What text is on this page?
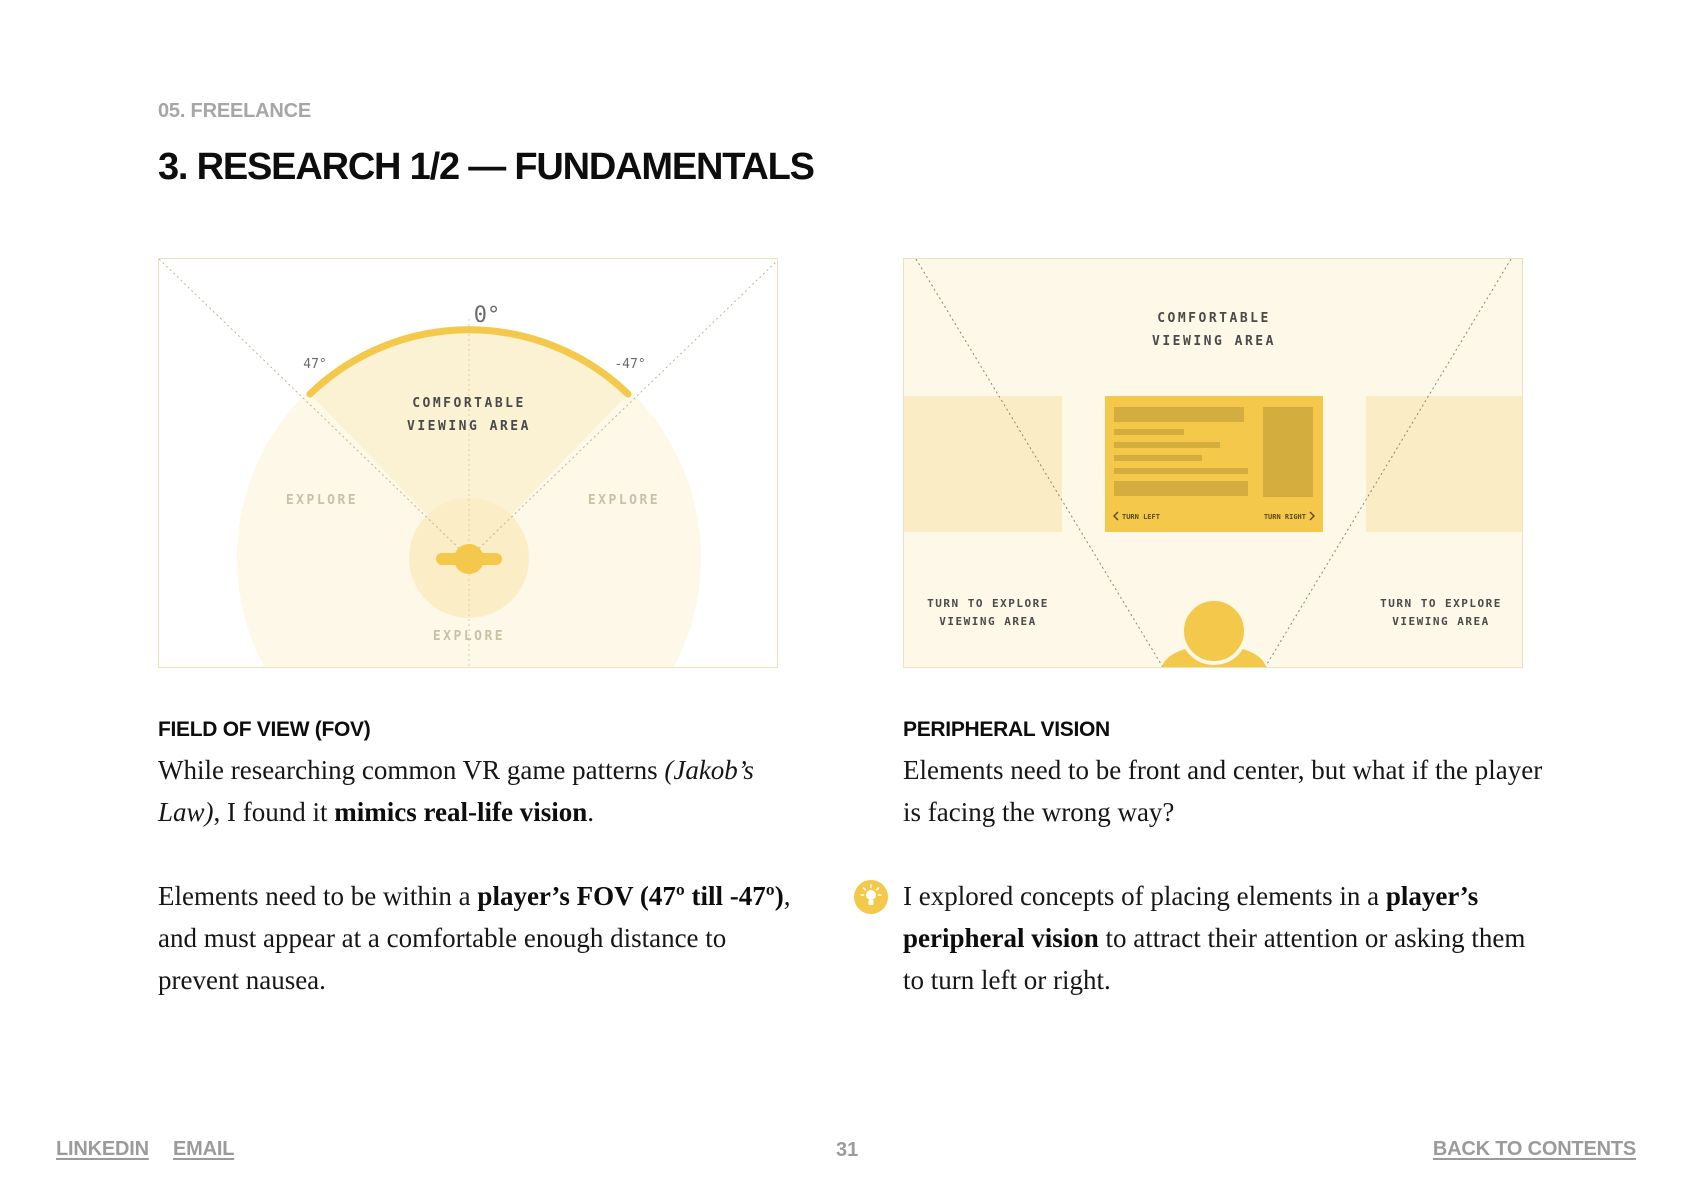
05. FREELANCE
3. RESEARCH 1/2 — FUNDAMENTALS
0°
47°	-47°
COMFORTABLE
VIEWING AREA
EXPLORE	EXPLORE
EXPLORE
TURN LEFT	TURN RIGHT
COMFORTABLE
VIEWING AREA
TURN TO EXPLORE
VIEWING AREA
TURN TO EXPLORE
VIEWING AREA
FIELD OF VIEW (FOV)

While researching common VR game patterns (Jakob’s Law), I found it mimics real-life vision.

Elements need to be within a player’s FOV (47º till -47º), and must appear at a comfortable enough distance to prevent nausea.

PERIPHERAL VISION

Elements need to be front and center, but what if the player is facing the wrong way?

I explored concepts of placing elements in a player’s peripheral vision to attract their attention or asking them to turn left or right.

LINKEDIN EMAIL	31	BACK TO CONTENTS
